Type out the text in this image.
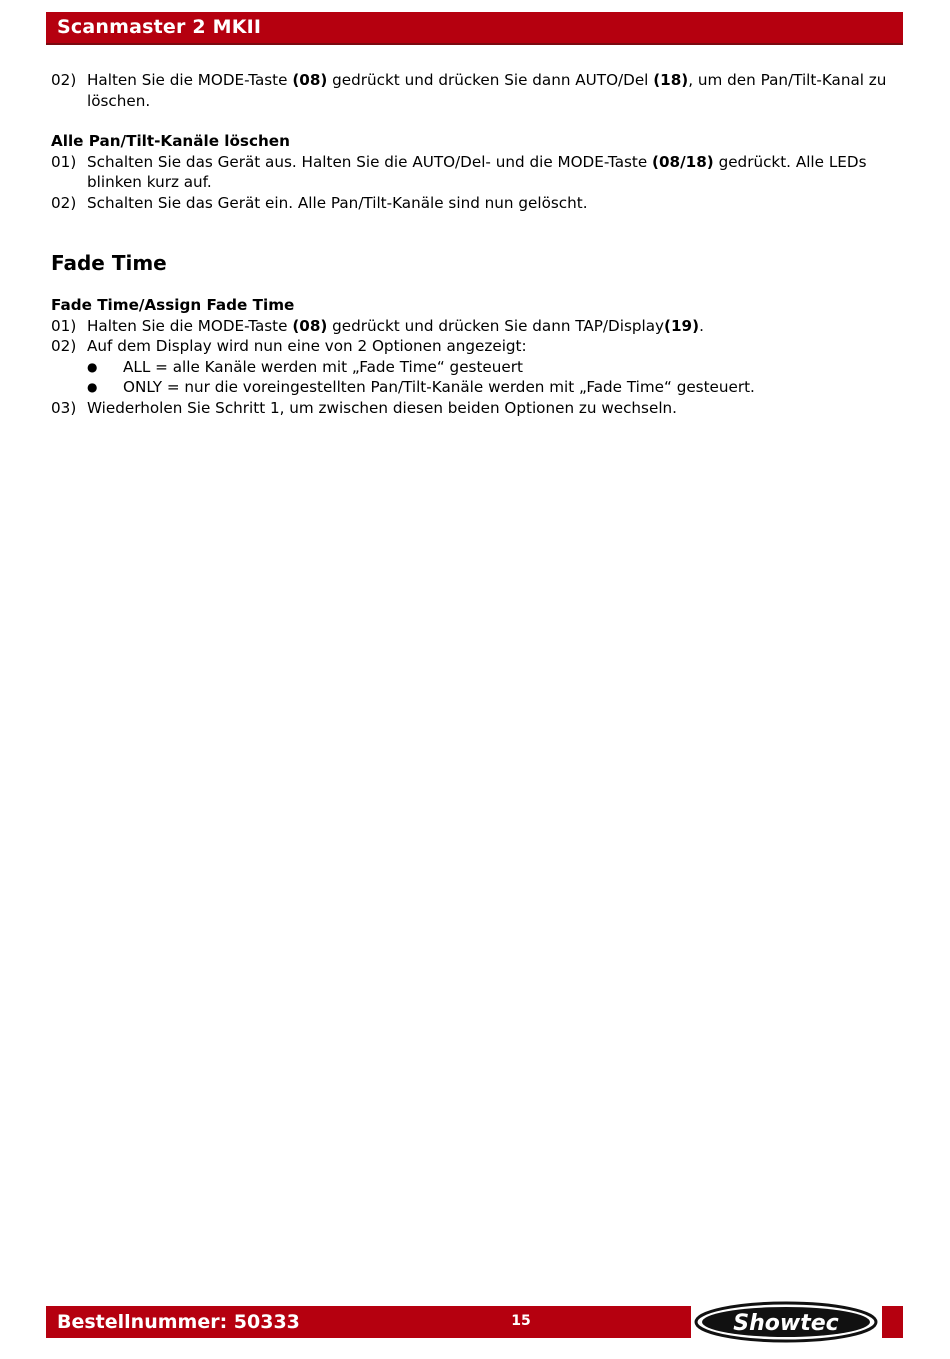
Scanmaster 2 MKII
02) Halten Sie die MODE-Taste (08) gedrückt und drücken Sie dann AUTO/Del (18), um den Pan/Tilt-Kanal zu löschen.
Alle Pan/Tilt-Kanäle löschen
01) Schalten Sie das Gerät aus. Halten Sie die AUTO/Del- und die MODE-Taste (08/18) gedrückt. Alle LEDs blinken kurz auf.
02) Schalten Sie das Gerät ein. Alle Pan/Tilt-Kanäle sind nun gelöscht.
Fade Time
Fade Time/Assign Fade Time
01) Halten Sie die MODE-Taste (08) gedrückt und drücken Sie dann TAP/Display(19).
02) Auf dem Display wird nun eine von 2 Optionen angezeigt:
●	ALL = alle Kanäle werden mit „Fade Time“ gesteuert
●	ONLY = nur die voreingestellten Pan/Tilt-Kanäle werden mit „Fade Time“ gesteuert.
03) Wiederholen Sie Schritt 1, um zwischen diesen beiden Optionen zu wechseln.
Bestellnummer: 50333	15	Showtec
